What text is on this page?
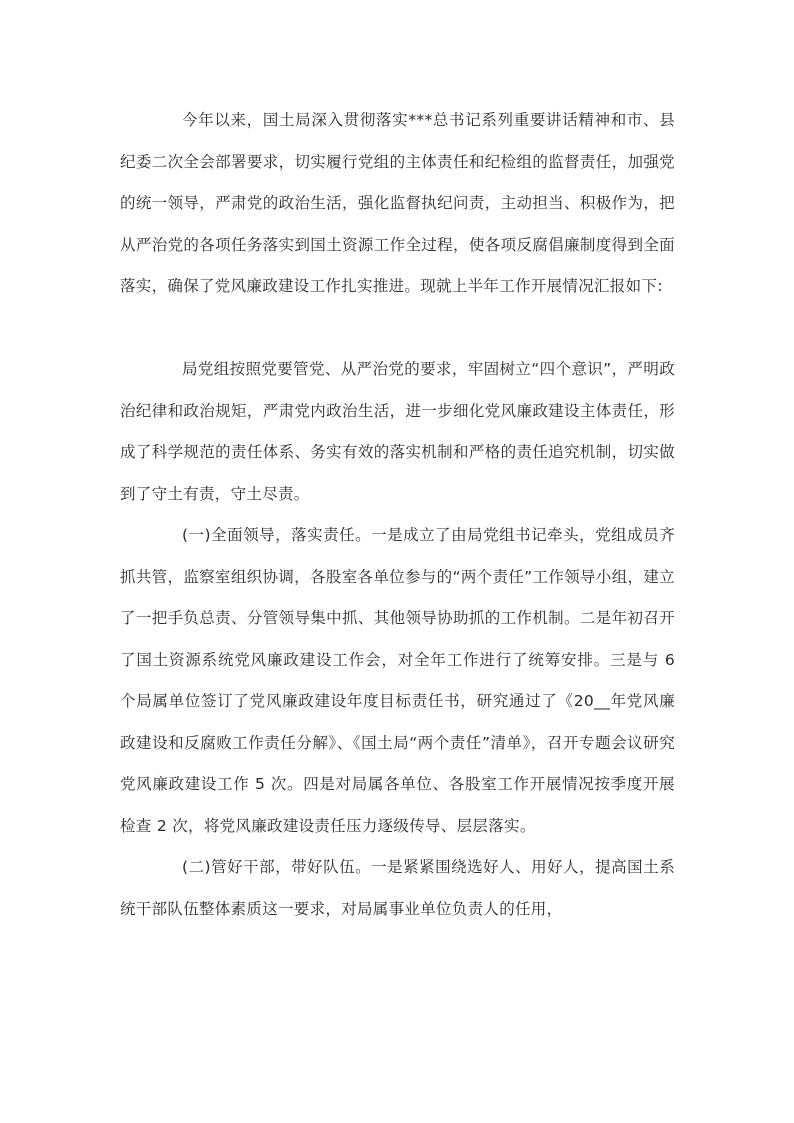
今年以来，国土局深入贯彻落实***总书记系列重要讲话精神和市、县纪委二次全会部署要求，切实履行党组的主体责任和纪检组的监督责任，加强党的统一领导，严肃党的政治生活，强化监督执纪问责，主动担当、积极作为，把从严治党的各项任务落实到国土资源工作全过程，使各项反腐倡廉制度得到全面落实，确保了党风廉政建设工作扎实推进。现就上半年工作开展情况汇报如下:

局党组按照党要管党、从严治党的要求，牢固树立“四个意识”，严明政治纪律和政治规矩，严肃党内政治生活，进一步细化党风廉政建设主体责任，形成了科学规范的责任体系、务实有效的落实机制和严格的责任追究机制，切实做到了守土有责，守土尽责。

(一)全面领导，落实责任。一是成立了由局党组书记牵头，党组成员齐抓共管，监察室组织协调，各股室各单位参与的“两个责任”工作领导小组，建立了一把手负总责、分管领导集中抓、其他领导协助抓的工作机制。二是年初召开了国土资源系统党风廉政建设工作会，对全年工作进行了统筹安排。三是与 6 个局属单位签订了党风廉政建设年度目标责任书，研究通过了《20__年党风廉政建设和反腐败工作责任分解》、《国土局“两个责任”清单》，召开专题会议研究党风廉政建设工作 5 次。四是对局属各单位、各股室工作开展情况按季度开展检查 2 次，将党风廉政建设责任压力逐级传导、层层落实。

(二)管好干部，带好队伍。一是紧紧围绕选好人、用好人，提高国土系统干部队伍整体素质这一要求，对局属事业单位负责人的任用，
